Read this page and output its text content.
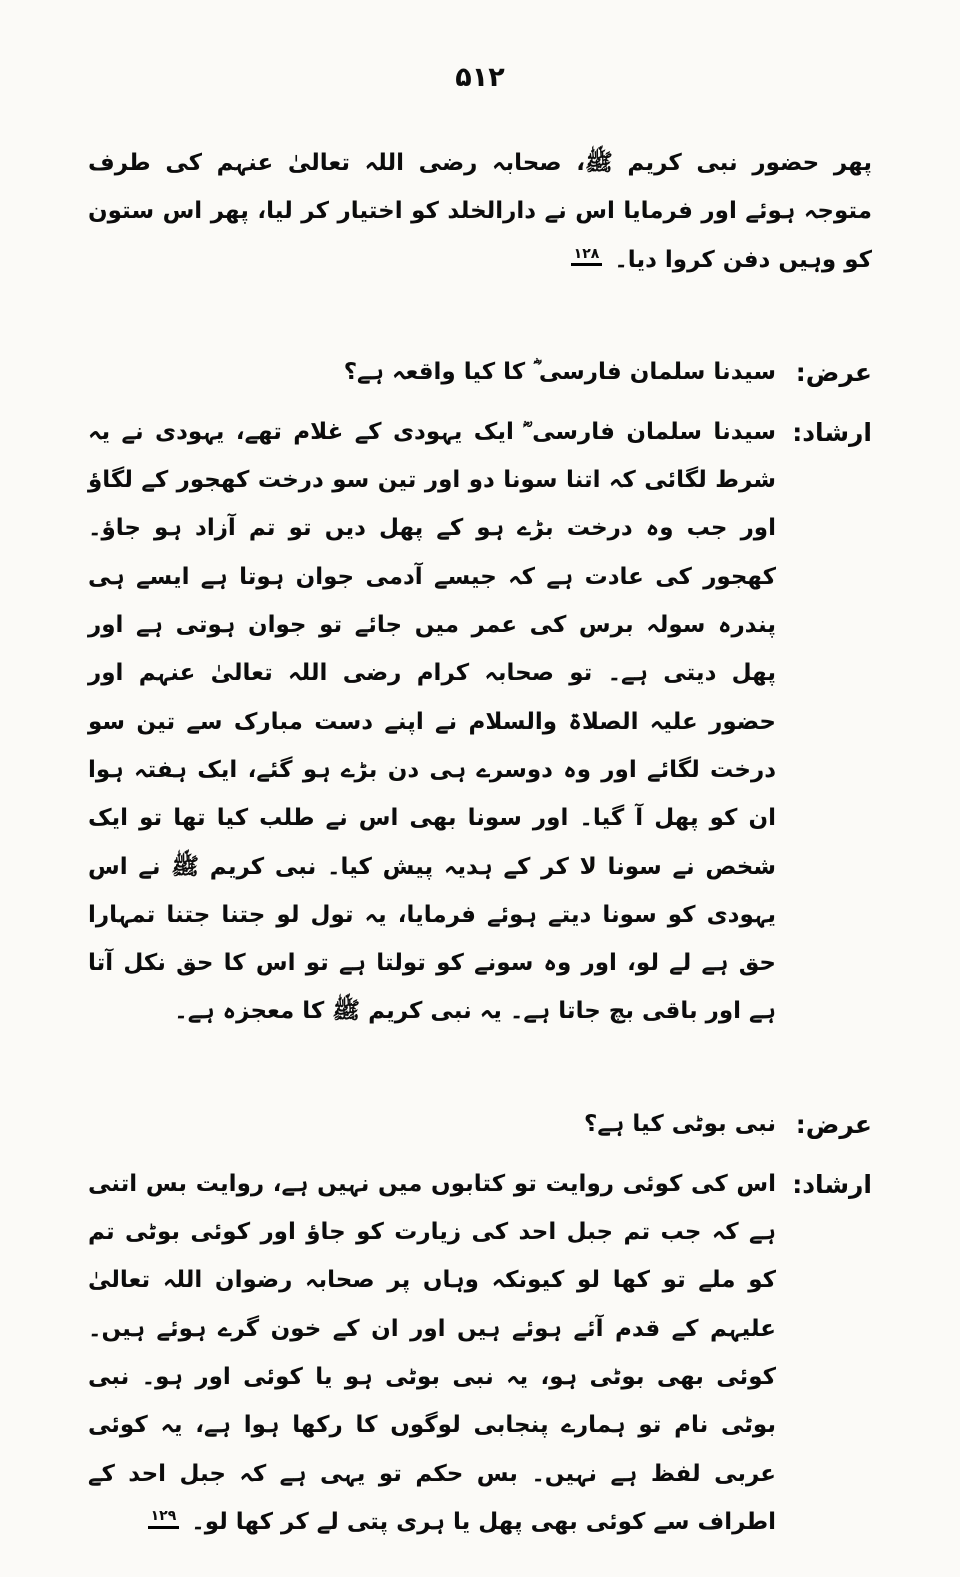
۵۱۲

پھر حضور نبی کریم ﷺ، صحابہ رضی اللہ تعالیٰ عنہم کی طرف متوجہ ہوئے اور فرمایا اس نے دارالخلد کو اختیار کر لیا، پھر اس ستون کو وہیں دفن کروا دیا۔ ۱۲۸

عرض:
سیدنا سلمان فارسی ؓ کا کیا واقعہ ہے؟
ارشاد:
سیدنا سلمان فارسی ؓ ایک یہودی کے غلام تھے، یہودی نے یہ شرط لگائی کہ اتنا سونا دو اور تین سو درخت کھجور کے لگاؤ اور جب وہ درخت بڑے ہو کے پھل دیں تو تم آزاد ہو جاؤ۔ کھجور کی عادت ہے کہ جیسے آدمی جوان ہوتا ہے ایسے ہی پندرہ سولہ برس کی عمر میں جائے تو جوان ہوتی ہے اور پھل دیتی ہے۔ تو صحابہ کرام رضی اللہ تعالیٰ عنہم اور حضور علیہ الصلاۃ والسلام نے اپنے دست مبارک سے تین سو درخت لگائے اور وہ دوسرے ہی دن بڑے ہو گئے، ایک ہفتہ ہوا ان کو پھل آ گیا۔ اور سونا بھی اس نے طلب کیا تھا تو ایک شخص نے سونا لا کر کے ہدیہ پیش کیا۔ نبی کریم ﷺ نے اس یہودی کو سونا دیتے ہوئے فرمایا، یہ تول لو جتنا جتنا تمہارا حق ہے لے لو، اور وہ سونے کو تولتا ہے تو اس کا حق نکل آتا ہے اور باقی بچ جاتا ہے۔ یہ نبی کریم ﷺ کا معجزہ ہے۔
عرض:
نبی بوٹی کیا ہے؟
ارشاد:
اس کی کوئی روایت تو کتابوں میں نہیں ہے، روایت بس اتنی ہے کہ جب تم جبل احد کی زیارت کو جاؤ اور کوئی بوٹی تم کو ملے تو کھا لو کیونکہ وہاں پر صحابہ رضوان اللہ تعالیٰ علیہم کے قدم آئے ہوئے ہیں اور ان کے خون گرے ہوئے ہیں۔ کوئی بھی بوٹی ہو، یہ نبی بوٹی ہو یا کوئی اور ہو۔ نبی بوٹی نام تو ہمارے پنجابی لوگوں کا رکھا ہوا ہے، یہ کوئی عربی لفظ ہے نہیں۔ بس حکم تو یہی ہے کہ جبل احد کے اطراف سے کوئی بھی پھل یا ہری پتی لے کر کھا لو۔ ۱۲۹
